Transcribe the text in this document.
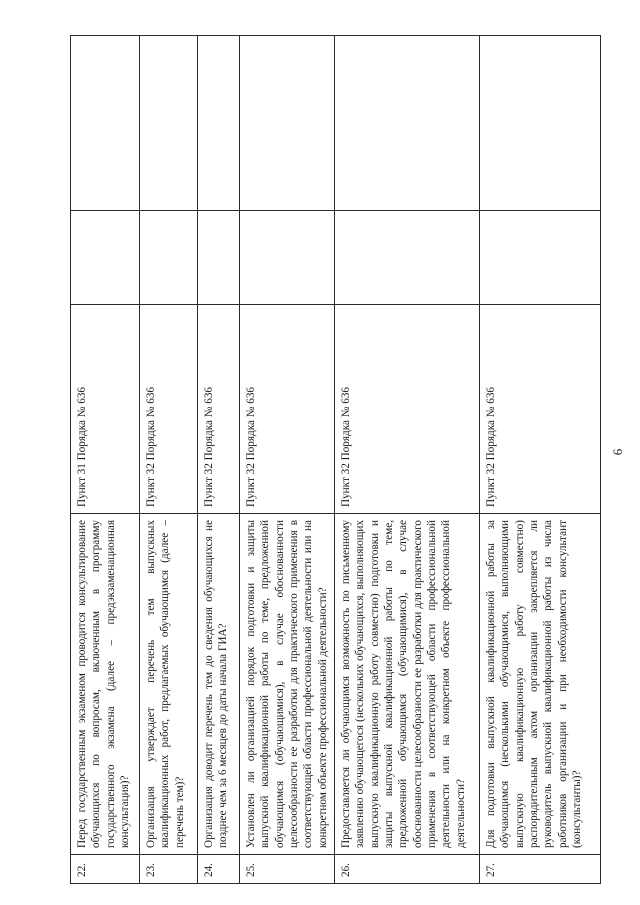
6
22.	Перед государственным экзаменом проводится консультирование обучающихся по вопросам, включенным в программу государственного экзамена (далее – предэкзаменационная консультация)?	Пункт 31 Порядка № 636		
23.	Организация утверждает перечень тем выпускных квалификационных работ, предлагаемых обучающимся (далее – перечень тем)?	Пункт 32 Порядка № 636		
24.	Организация доводит перечень тем до сведения обучающихся не позднее чем за 6 месяцев до даты начала ГИА?	Пункт 32 Порядка № 636		
25.	Установлен ли организацией порядок подготовки и защиты выпускной квалификационной работы по теме, предложенной обучающимся (обучающимися), в случае обоснованности целесообразности ее разработки для практического применения в соответствующей области профессиональной деятельности или на конкретном объекте профессиональной деятельности?	Пункт 32 Порядка № 636		
26.	Предоставляется ли обучающимся возможность по письменному заявлению обучающегося (нескольких обучающихся, выполняющих выпускную квалификационную работу совместно) подготовки и защиты выпускной квалификационной работы по теме, предложенной обучающимся (обучающимися), в случае обоснованности целесообразности ее разработки для практического применения в соответствующей области профессиональной деятельности или на конкретном объекте профессиональной деятельности?	Пункт 32 Порядка № 636		
27.	Для подготовки выпускной квалификационной работы за обучающимся (несколькими обучающимися, выполняющими выпускную квалификационную работу совместно) распорядительным актом организации закрепляется ли руководитель выпускной квалификационной работы из числа работников организации и при необходимости консультант (консультанты)?	Пункт 32 Порядка № 636		
